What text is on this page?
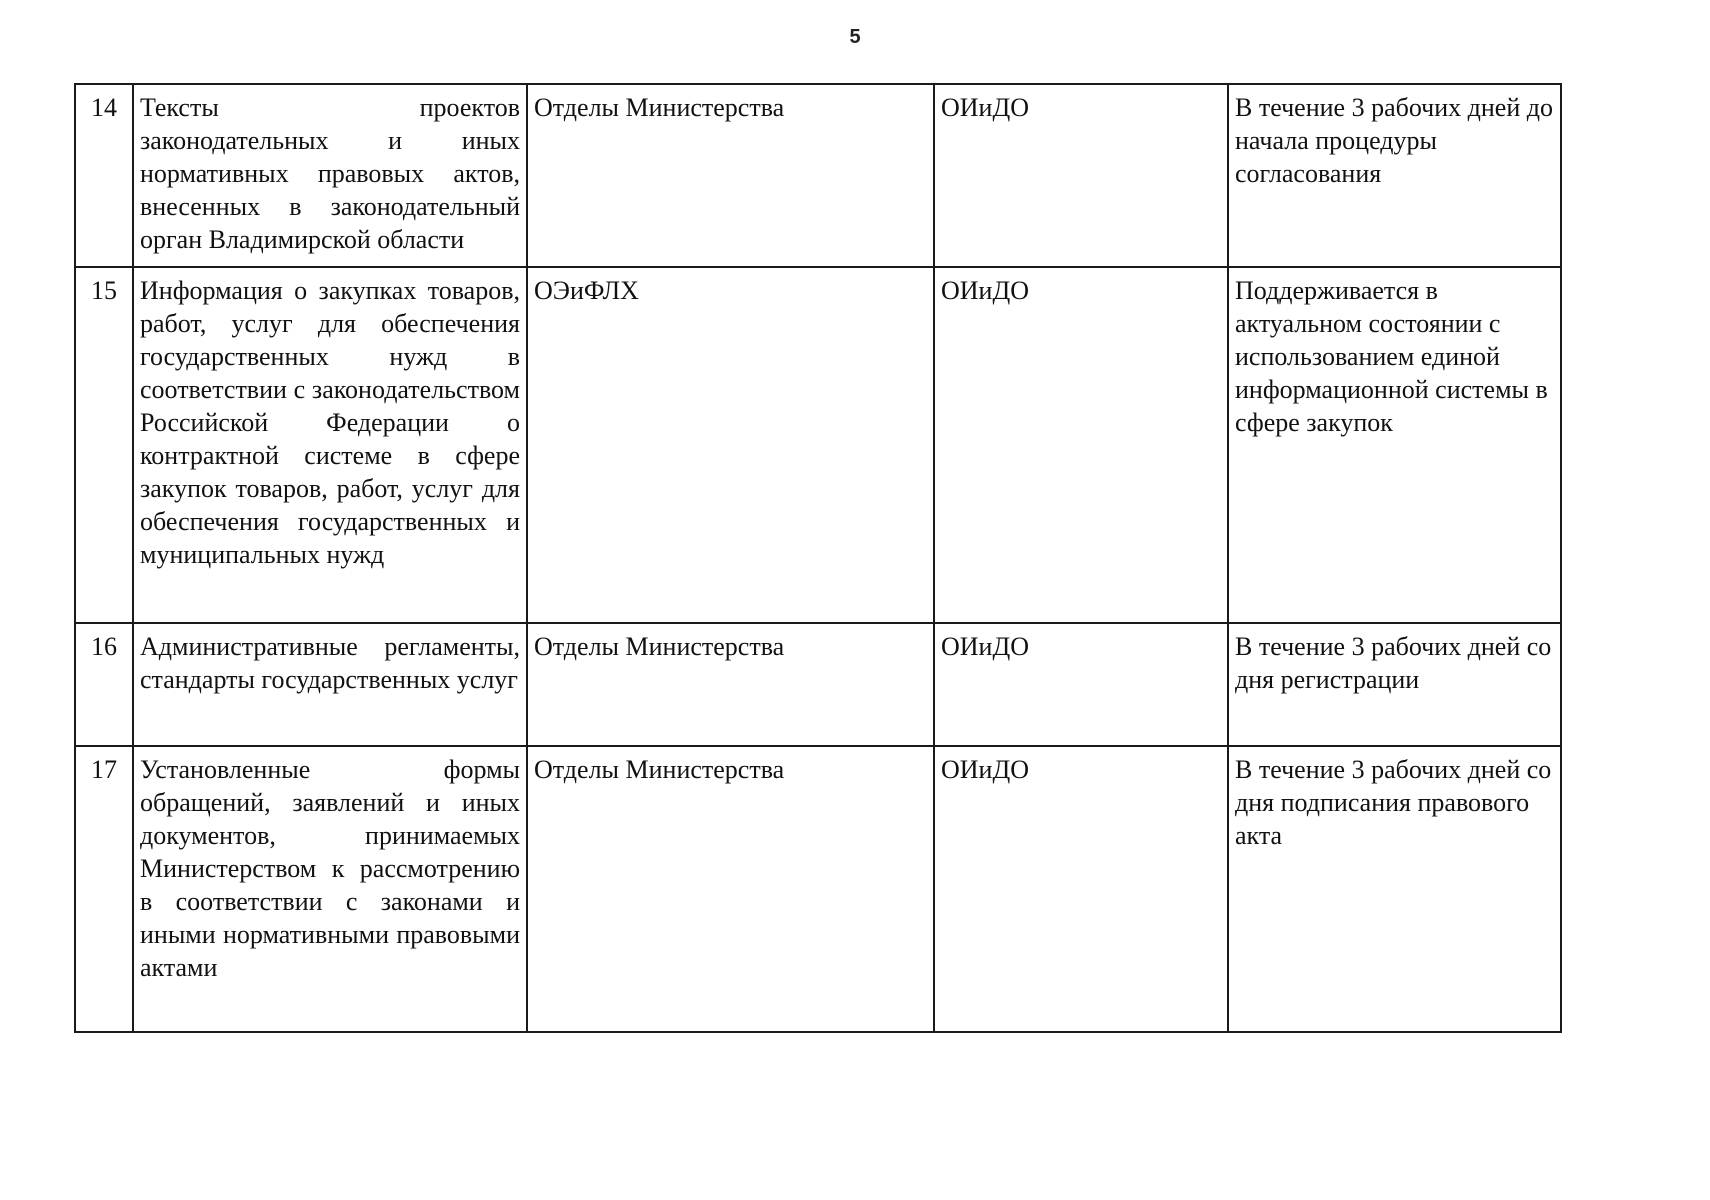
5
14	Тексты проектов законодательных и иных нормативных правовых актов, внесенных в законодательный орган Владимирской области	Отделы Министерства	ОИиДО	В течение 3 рабочих дней до начала процедуры согласования
15	Информация о закупках товаров, работ, услуг для обеспечения государственных нужд в соответствии с законодательством Российской Федерации о контрактной системе в сфере закупок товаров, работ, услуг для обеспечения государственных и муниципальных нужд	ОЭиФЛХ	ОИиДО	Поддерживается в актуальном состоянии с использованием единой информационной системы в сфере закупок
16	Административные регламенты, стандарты государственных услуг	Отделы Министерства	ОИиДО	В течение 3 рабочих дней со дня регистрации
17	Установленные формы обращений, заявлений и иных документов, принимаемых Министерством к рассмотрению в соответствии с законами и иными нормативными правовыми актами	Отделы Министерства	ОИиДО	В течение 3 рабочих дней со дня подписания правового акта
